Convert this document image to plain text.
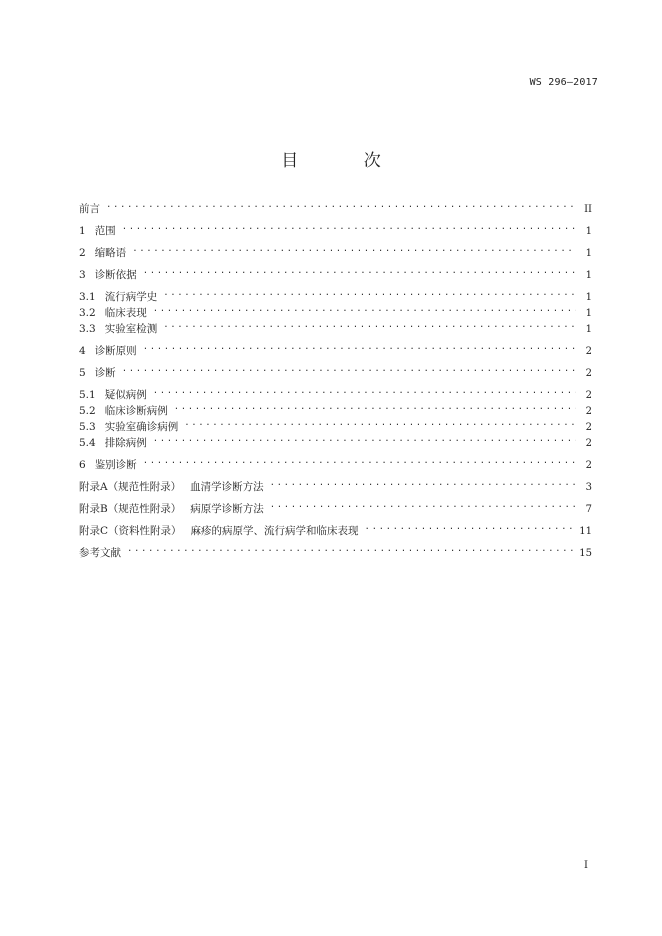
WS 296—2017
目 次
前言 .....	II
1 范围 .....	1
2 缩略语 .....	1
3 诊断依据 .....	1
3.1 流行病学史 .....	1
3.2 临床表现 .....	1
3.3 实验室检测 .....	1
4 诊断原则 .....	2
5 诊断 .....	2
5.1 疑似病例 .....	2
5.2 临床诊断病例 .....	2
5.3 实验室确诊病例 .....	2
5.4 排除病例 .....	2
6 鉴别诊断 .....	2
附录A（规范性附录） 血清学诊断方法 .....	3
附录B（规范性附录） 病原学诊断方法 .....	7
附录C（资料性附录） 麻疹的病原学、流行病学和临床表现 .....	11
参考文献 .....	15
I
